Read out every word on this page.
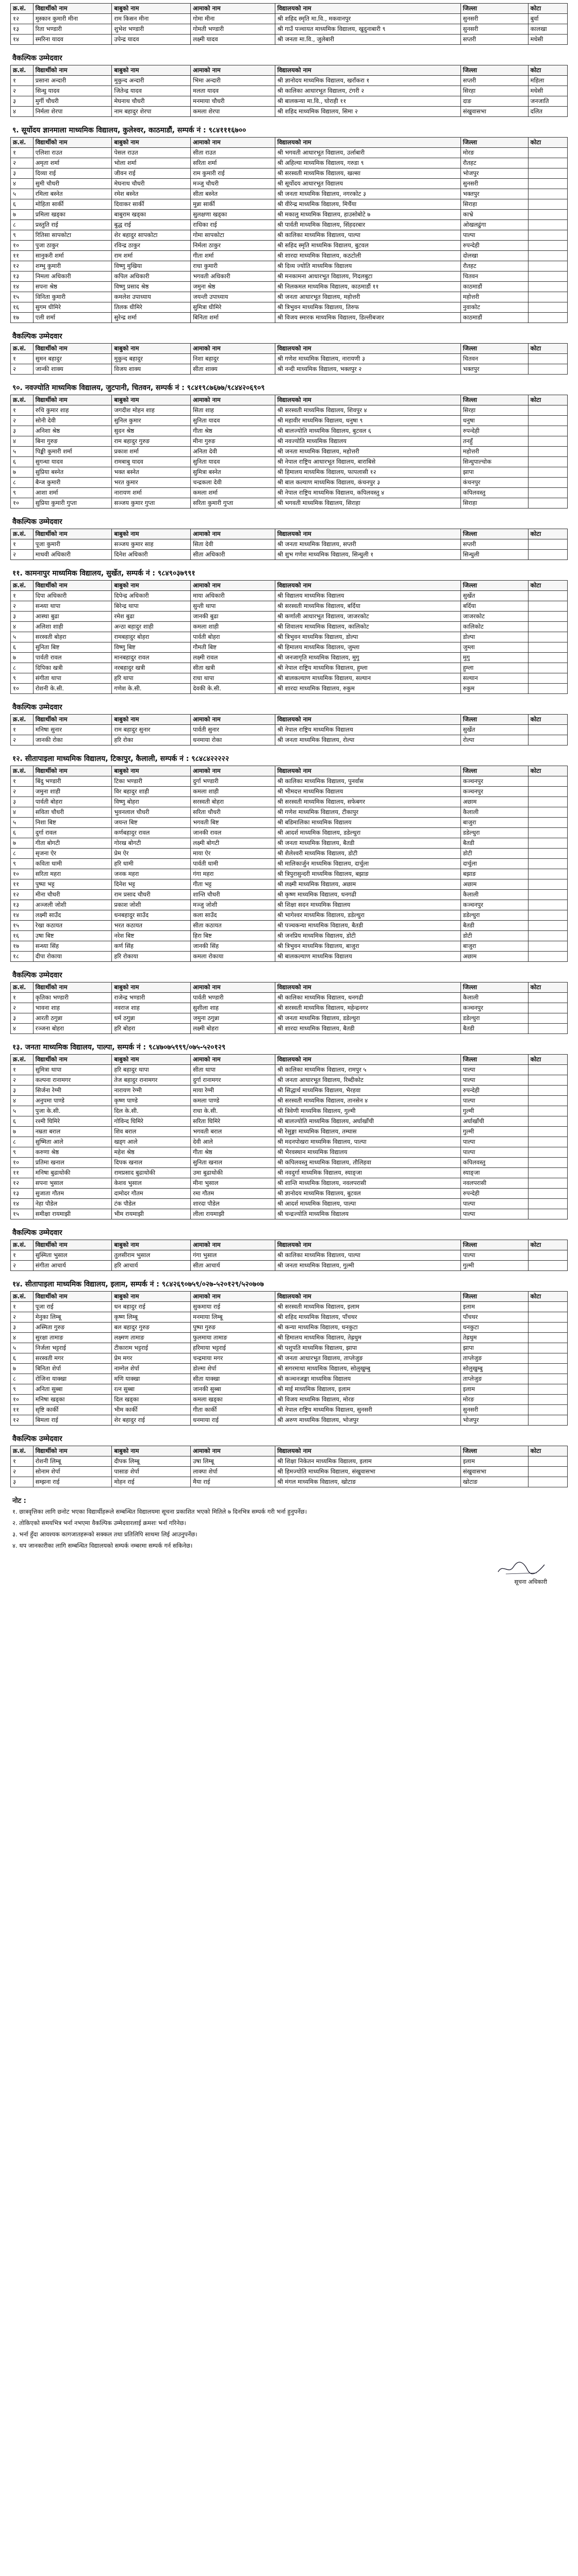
क्र.सं.	विद्यार्थीको नाम	बाबुको नाम	आमाको नाम	विद्यालयको नाम	जिल्ला	कोटा
१२	मुस्कान कुमारी मीना	राम किसन मीना	गोमा मीना	श्री शहिद स्मृति मा.वि., मकवानपुर	सुनसरी	बुर्वा
१३	रिता भण्डारी	शुभेश भण्डारी	गोमती भण्डारी	श्री गाउँ पञ्चायत माध्यमिक विद्यालय, खुदुनाबारी ९	सुनसरी	कालखा
१४	स्मरिना यादव	उपेन्द्र यादव	लक्ष्मी यादव	श्री जनता मा.वि., जुलेबारी	सप्तरी	मधेसी
वैकल्पिक उम्मेदवार
क्र.सं.	विद्यार्थीको नाम	बाबुको नाम	आमाको नाम	विद्यालयको नाम	जिल्ला	कोटा
१	प्रसाना अन्दारी	मुकुन्द अन्दारी	भिमा अन्दारी	श्री ज्ञानोदय माध्यमिक विद्यालय, खराँकरा १	सप्तरी	महिला
२	सिन्धु यादव	जितेन्द्र यादव	मलता यादव	श्री कालिका आधारभूत विद्यालय, टंगरी २	सिरहा	मधेसी
३	मुर्गी चौधरी	मेघनाथ चौधरी	मनमाया चौधरी	श्री बालकन्या मा.वि., घोराही ११	दाङ	जनजाति
४	निर्मला शेरपा	नाम बहादुर शेरपा	कमला शेरपा	श्री शहिद माध्यमिक विद्यालय, सिमा २	संखुवासभा	दलित
९. सूर्योदय ज्ञानमाला माध्यमिक विद्यालय, कुलेश्वर, काठमाडौं, सम्पर्क नं : ९८४१११६७००
क्र.सं.	विद्यार्थीको नाम	बाबुको नाम	आमाको नाम	विद्यालयको नाम	जिल्ला	कोटा
१	एलिशा राउत	पेसल राउत	सीता राउत	श्री भगवती आधारभूत विद्यालय, उर्लाबारी	मोरङ	
२	अमृता शर्मा	भोला शर्मा	सरिता शर्मा	श्री अहिल्या माध्यमिक विद्यालय, गरुडा ९	रौतहट	
३	दिव्या राई	जीवन राई	राम कुमारी राई	श्री सरस्वती माध्यमिक विद्यालय, खल्सा	भोजपुर	
४	सुमी चौधरी	मेघनाथ चौधरी	मञ्जु चौधरी	श्री सूर्योदय आधारभूत विद्यालय	सुनसरी	
५	रमिला बस्नेत	रमेश बस्नेत	सीता बस्नेत	श्री जनता माध्यमिक विद्यालय, नगरकोट ३	भक्तपुर	
६	मोहिता सार्की	दिवाकर सार्की	मुन्ना सार्की	श्री वीरेन्द्र माध्यमिक विद्यालय, मिर्चैया	सिराहा	
७	प्रमिला खड्का	बाबुराम खड्का	सुलक्षणा खड्का	श्री मकालु माध्यमिक विद्यालय, हाउसोबोटे ७	काभ्रे	
८	प्रस्तुति राई	बुद्ध राई	राधिका राई	श्री पार्वती माध्यमिक विद्यालय, सिंहदरबार	ओखलढुंगा	
९	रितिसा सापकोटा	शेर बहादुर सापकोटा	गोमा सापकोटा	श्री कालिका माध्यमिक विद्यालय, पाल्पा	पाल्पा	
१०	पुजा ठाकुर	रविन्द्र ठाकुर	निर्मला ठाकुर	श्री सहिद स्मृति माध्यमिक विद्यालय, बुटवल	रुपन्देही	
११	सानुकरी शर्मा	राम शर्मा	गीता शर्मा	श्री शारदा माध्यमिक विद्यालय, कठटोली	दोलखा	
१२	शम्भु कुमारी	विष्णु मुखिया	राधा कुमारी	श्री दिव्य ज्योति माध्यमिक विद्यालय	रौतहट	
१३	निमला अधिकारी	कपिल अधिकारी	भगवती अधिकारी	श्री मनकामना आधारभूत विद्यालय, गिदलबुटा	चितवन	
१४	सपना श्रेष्ठ	विष्णु प्रसाद श्रेष्ठ	जमुना श्रेष्ठ	श्री निलकमल माध्यमिक विद्यालय, काठमाडौं ११	काठमाडौं	
१५	विनिता कुमारी	कमलेश उपाध्याय	जयन्ती उपाध्याय	श्री जनता आधारभूत विद्यालय, महोत्तरी	महोत्तरी	
१६	सुगम धीमिरे	तिलक धीमिरे	सुमित्रा धीमिरे	श्री त्रिभुवन माध्यमिक विद्यालय, तिरुफ	नुवाकोट	
१७	एली शर्मा	सुरेन्द्र शर्मा	बिनिता शर्मा	श्री विजय स्मारक माध्यमिक विद्यालय, डिल्लीबजार	काठमाडौं	
वैकल्पिक उम्मेदवार
क्र.सं.	विद्यार्थीको नाम	बाबुको नाम	आमाको नाम	विद्यालयको नाम	जिल्ला	कोटा
१	सुमन बहादुर	मुकुन्द बहादुर	निशा बहादुर	श्री गणेश माध्यमिक विद्यालय, नारायणी ३	चितवन	
२	जान्की शाक्य	विजय शाक्य	सीता शाक्य	श्री नन्दी माध्यमिक विद्यालय, भक्तपुर २	भक्तपुर	
९०. नवज्योति माध्यमिक विद्यालय, जुटपानी, चितवन, सम्पर्क नं : ९८४१९८७६७७/९८४४२०६९०९
क्र.सं.	विद्यार्थीको नाम	बाबुको नाम	आमाको नाम	विद्यालयको नाम	जिल्ला	कोटा
१	रुचि कुमार शाह	जगदीश मोहन शाह	सिता शाह	श्री सरस्वती माध्यमिक विद्यालय, शिवपुर ४	सिरहा	
२	सोनी देवी	सुनिल कुमार	सुनिता यादव	श्री महावीर माध्यमिक विद्यालय, धनुषा ९	धनुषा	
३	अनिशा श्रेष्ठ	सुदन श्रेष्ठ	गीता श्रेष्ठ	श्री बालज्योति माध्यमिक विद्यालय, बुटवल ६	रुपन्देही	
४	बिना गुरुङ	राम बहादुर गुरुङ	मीना गुरुङ	श्री नवज्योति माध्यमिक विद्यालय	तनहुँ	
५	पिङ्की कुमारी शर्मा	प्रकाश शर्मा	अनिता देवी	श्री जनता माध्यमिक विद्यालय, महोत्तरी	महोत्तरी	
६	सुगन्धा यादव	रामबाबु यादव	सुनिता यादव	श्री नेपाल राष्ट्रिय आधारभूत विद्यालय, बाराबिसे	सिन्धुपाल्चोक	
७	सुप्रिया बस्नेत	भक्त बस्नेत	सुमित्रा बस्नेत	श्री हिमालय माध्यमिक विद्यालय, फापलासी १२	झापा	
८	बैन्ज कुमारी	भरत कुमार	चन्द्रकला देवी	श्री बाल कल्याण माध्यमिक विद्यालय, कंचनपुर ३	कंचनपुर	
९	आशा शर्मा	नारायण शर्मा	कमला शर्मा	श्री नेपाल राष्ट्रिय माध्यमिक विद्यालय, कपिलवस्तु ४	कपिलवस्तु	
१०	सुप्रिया कुमारी गुप्ता	सञ्जय कुमार गुप्ता	सरिता कुमारी गुप्ता	श्री भगवती माध्यमिक विद्यालय, सिराहा	सिराहा	
वैकल्पिक उम्मेदवार
क्र.सं.	विद्यार्थीको नाम	बाबुको नाम	आमाको नाम	विद्यालयको नाम	जिल्ला	कोटा
१	पूजा कुमारी	सञ्जय कुमार साह	सिता देवी	श्री जनता माध्यमिक विद्यालय, सप्तरी	सप्तरी	
२	माधवी अधिकारी	दिनेश अधिकारी	सीता अधिकारी	श्री शुभ गणेश माध्यमिक विद्यालय, सिन्धुली १	सिन्धुली	
११. कामनापुर माध्यमिक विद्यालय, सुर्खेत, सम्पर्क नं : ९८४९०३७९९१
क्र.सं.	विद्यार्थीको नाम	बाबुको नाम	आमाको नाम	विद्यालयको नाम	जिल्ला	कोटा
१	दिपा अधिकारी	दिपेन्द्र अधिकारी	माया अधिकारी	श्री विद्यालय माध्यमिक विद्यालय	सुर्खेत	
२	सन्ध्या थापा	बिरेन्द्र थापा	सुन्ती थापा	श्री सरस्वती माध्यमिक विद्यालय, बर्दिया	बर्दिया	
३	आस्था बुढा	रमेश बुढा	जानकी बुढा	श्री कर्णाली आधारभूत विद्यालय, जाजरकोट	जाजरकोट	
४	अलिशा शाही	अन्ठा बहादुर शाही	कमला शाही	श्री शिवालय माध्यमिक विद्यालय, कालिकोट	कालिकोट	
५	सरस्वती बोहरा	रामबहादुर बोहरा	पार्वती बोहरा	श्री त्रिभुवन माध्यमिक विद्यालय, डोल्पा	डोल्पा	
६	सुनिता बिष्ट	विष्णु बिष्ट	गौमती बिष्ट	श्री हिमालय माध्यमिक विद्यालय, जुम्ला	जुम्ला	
७	पार्वती रावल	मानबहादुर रावल	लक्ष्मी रावल	श्री जनजागृति माध्यमिक विद्यालय, मुगु	मुगु	
८	दिपिका खत्री	नरबहादुर खत्री	सीता खत्री	श्री नेपाल राष्ट्रिय माध्यमिक विद्यालय, हुम्ला	हुम्ला	
९	संगीता थापा	हरि थापा	राधा थापा	श्री बालकल्याण माध्यमिक विद्यालय, सल्यान	सल्यान	
१०	रोशनी के.सी.	गणेश के.सी.	देवकी के.सी.	श्री शारदा माध्यमिक विद्यालय, रुकुम	रुकुम	
वैकल्पिक उम्मेदवार
क्र.सं.	विद्यार्थीको नाम	बाबुको नाम	आमाको नाम	विद्यालयको नाम	जिल्ला	कोटा
१	मनिषा सुनार	राम बहादुर सुनार	पार्वती सुनार	श्री नेपाल राष्ट्रिय माध्यमिक विद्यालय	सुर्खेत	
२	जानकी रोका	हरि रोका	धनमाया रोका	श्री जनता माध्यमिक विद्यालय, रोल्पा	रोल्पा	
१२. सीतापाइला माध्यमिक विद्यालय, टिकापुर, कैलाली, सम्पर्क नं : ९८४८४२२२२२
क्र.सं.	विद्यार्थीको नाम	बाबुको नाम	आमाको नाम	विद्यालयको नाम	जिल्ला	कोटा
१	बिंदु भण्डारी	टिका भण्डारी	दुर्गा भण्डारी	श्री कालिका माध्यमिक विद्यालय, पुनर्वास	कञ्चनपुर	
२	जमुना शाही	विर बहादुर शाही	कमला शाही	श्री भीमदत्त माध्यमिक विद्यालय	कञ्चनपुर	
३	पार्वती बोहरा	विष्णु बोहरा	सरस्वती बोहरा	श्री सरस्वती माध्यमिक विद्यालय, सफेबगर	अछाम	
४	सविता चौधरी	भुवनलाल चौधरी	सरिता चौधरी	श्री गणेश माध्यमिक विद्यालय, टीकापुर	कैलाली	
५	निशा बिष्ट	जयन्त बिष्ट	भगवती बिष्ट	श्री बडिमालिका माध्यमिक विद्यालय	बाजुरा	
६	दुर्गा रावल	कर्णबहादुर रावल	जानकी रावल	श्री आदर्श माध्यमिक विद्यालय, डडेल्धुरा	डडेल्धुरा	
७	गीता बोगटी	गोरख बोगटी	लक्ष्मी बोगटी	श्री जनता माध्यमिक विद्यालय, बैतडी	बैतडी	
८	सृजना ऐर	प्रेम ऐर	माया ऐर	श्री शैलेश्वरी माध्यमिक विद्यालय, डोटी	डोटी	
९	कविता धामी	हरि धामी	पार्वती धामी	श्री मालिकार्जुन माध्यमिक विद्यालय, दार्चुला	दार्चुला	
१०	सरिता महरा	जनक महरा	गंगा महरा	श्री त्रिपुरासुन्दरी माध्यमिक विद्यालय, बझाङ	बझाङ	
११	पुष्पा भट्ट	दिनेश भट्ट	गीता भट्ट	श्री लक्ष्मी माध्यमिक विद्यालय, अछाम	अछाम	
१२	मीना चौधरी	राम प्रसाद चौधरी	शान्ति चौधरी	श्री कृष्ण माध्यमिक विद्यालय, धनगढी	कैलाली	
१३	अञ्जली जोशी	प्रकाश जोशी	मञ्जु जोशी	श्री शिक्षा सदन माध्यमिक विद्यालय	कञ्चनपुर	
१४	लक्ष्मी साउँद	धनबहादुर साउँद	कला साउँद	श्री भागेश्वर माध्यमिक विद्यालय, डडेल्धुरा	डडेल्धुरा	
१५	रेखा कठायत	भरत कठायत	सीता कठायत	श्री पञ्चकन्या माध्यमिक विद्यालय, बैतडी	बैतडी	
१६	उषा बिष्ट	नरेश बिष्ट	हिरा बिष्ट	श्री जनप्रिय माध्यमिक विद्यालय, डोटी	डोटी	
१७	सन्ध्या सिंह	कर्ण सिंह	जानकी सिंह	श्री त्रिभुवन माध्यमिक विद्यालय, बाजुरा	बाजुरा	
१८	दीपा रोकाया	हरि रोकाया	कमला रोकाया	श्री बालकल्याण माध्यमिक विद्यालय	अछाम	
वैकल्पिक उम्मेदवार
क्र.सं.	विद्यार्थीको नाम	बाबुको नाम	आमाको नाम	विद्यालयको नाम	जिल्ला	कोटा
१	कृतिका भण्डारी	राजेन्द्र भण्डारी	पार्वती भण्डारी	श्री कालिका माध्यमिक विद्यालय, धनगढी	कैलाली	
२	भावना शाह	नवराज शाह	सुशीला शाह	श्री सरस्वती माध्यमिक विद्यालय, महेन्द्रनगर	कञ्चनपुर	
३	आरती ठगुन्ना	धर्म ठगुन्ना	जमुना ठगुन्ना	श्री जनता माध्यमिक विद्यालय, डडेल्धुरा	डडेल्धुरा	
४	रञ्जना बोहरा	हरि बोहरा	लक्ष्मी बोहरा	श्री शारदा माध्यमिक विद्यालय, बैतडी	बैतडी	
१३. जनता माध्यमिक विद्यालय, पाल्पा, सम्पर्क नं : ९८४७०७५९९९/०७५-५२०१२९
क्र.सं.	विद्यार्थीको नाम	बाबुको नाम	आमाको नाम	विद्यालयको नाम	जिल्ला	कोटा
१	सुमित्रा थापा	हरि बहादुर थापा	सीता थापा	श्री कालिका माध्यमिक विद्यालय, रामपुर ५	पाल्पा	
२	कल्पना रानामगर	तेज बहादुर रानामगर	दुर्गा रानामगर	श्री जनता आधारभूत विद्यालय, रिब्दीकोट	पाल्पा	
३	सिर्जना रेग्मी	नारायण रेग्मी	माया रेग्मी	श्री सिद्धार्थ माध्यमिक विद्यालय, भैरहवा	रुपन्देही	
४	अनुपमा पाण्डे	कृष्ण पाण्डे	कमला पाण्डे	श्री सरस्वती माध्यमिक विद्यालय, तानसेन ४	पाल्पा	
५	पुजा के.सी.	दिल के.सी.	राधा के.सी.	श्री त्रिवेणी माध्यमिक विद्यालय, गुल्मी	गुल्मी	
६	रश्मी घिमिरे	गोविन्द घिमिरे	सरिता घिमिरे	श्री बालज्योति माध्यमिक विद्यालय, अर्घाखाँची	अर्घाखाँची	
७	नम्रता बराल	शिव बराल	भगवती बराल	श्री रेसुङ्गा माध्यमिक विद्यालय, तम्घास	गुल्मी	
८	सुष्मिता आले	खड्ग आले	देवी आले	श्री मदनपोखरा माध्यमिक विद्यालय, पाल्पा	पाल्पा	
९	करुणा श्रेष्ठ	महेश श्रेष्ठ	गीता श्रेष्ठ	श्री भैरवस्थान माध्यमिक विद्यालय	पाल्पा	
१०	प्रतिमा खनाल	दिपक खनाल	सुनिता खनाल	श्री कपिलवस्तु माध्यमिक विद्यालय, तौलिहवा	कपिलवस्तु	
११	मनिषा बुढाथोकी	रामप्रसाद बुढाथोकी	उमा बुढाथोकी	श्री नवदुर्गा माध्यमिक विद्यालय, स्याङ्जा	स्याङ्जा	
१२	सपना भुसाल	केशव भुसाल	मीना भुसाल	श्री शान्ति माध्यमिक विद्यालय, नवलपरासी	नवलपरासी	
१३	सुजाता गौतम	दामोदर गौतम	रमा गौतम	श्री ज्ञानोदय माध्यमिक विद्यालय, बुटवल	रुपन्देही	
१४	नेहा पौडेल	टंक पौडेल	शारदा पौडेल	श्री आदर्श माध्यमिक विद्यालय, पाल्पा	पाल्पा	
१५	समीक्षा रायमाझी	भीम रायमाझी	लीला रायमाझी	श्री चन्द्रज्योति माध्यमिक विद्यालय	पाल्पा	
वैकल्पिक उम्मेदवार
क्र.सं.	विद्यार्थीको नाम	बाबुको नाम	आमाको नाम	विद्यालयको नाम	जिल्ला	कोटा
१	सुस्मिता भुसाल	तुलसीराम भुसाल	गंगा भुसाल	श्री कालिका माध्यमिक विद्यालय, पाल्पा	पाल्पा	
२	संगीता आचार्य	हरि आचार्य	सीता आचार्य	श्री जनता माध्यमिक विद्यालय, गुल्मी	गुल्मी	
१४. सीतापाइला माध्यमिक विद्यालय, इलाम, सम्पर्क नं : ९८४२६९०७५९/०२७-५२०१२९/५२०७०७
क्र.सं.	विद्यार्थीको नाम	बाबुको नाम	आमाको नाम	विद्यालयको नाम	जिल्ला	कोटा
१	पूजा राई	धन बहादुर राई	सुकमाया राई	श्री सरस्वती माध्यमिक विद्यालय, इलाम	इलाम	
२	मेनुका लिम्बू	कृष्ण लिम्बू	मनमाया लिम्बू	श्री शहिद माध्यमिक विद्यालय, पाँचथर	पाँचथर	
३	अस्मिता गुरुङ	बल बहादुर गुरुङ	पुष्पा गुरुङ	श्री कन्या माध्यमिक विद्यालय, धनकुटा	धनकुटा	
४	सुरक्षा तामाङ	लक्ष्मण तामाङ	फुलमाया तामाङ	श्री हिमालय माध्यमिक विद्यालय, तेह्रथुम	तेह्रथुम	
५	निर्जला भट्टराई	टीकाराम भट्टराई	हरिमाया भट्टराई	श्री पशुपति माध्यमिक विद्यालय, झापा	झापा	
६	सरस्वती मगर	प्रेम मगर	चन्द्रमाया मगर	श्री जनता आधारभूत विद्यालय, ताप्लेजुङ	ताप्लेजुङ	
७	बिनिता शेर्पा	नाम्गेल शेर्पा	डोल्मा शेर्पा	श्री सगरमाथा माध्यमिक विद्यालय, सोलुखुम्बु	सोलुखुम्बु	
८	रोजिना याक्खा	मणि याक्खा	सीता याक्खा	श्री कञ्चनजङ्घा माध्यमिक विद्यालय	ताप्लेजुङ	
९	अनिता सुब्बा	रत्न सुब्बा	जानकी सुब्बा	श्री माई माध्यमिक विद्यालय, इलाम	इलाम	
१०	मनिषा खड्का	दिल खड्का	कमला खड्का	श्री विजय माध्यमिक विद्यालय, मोरङ	मोरङ	
११	सृष्टि कार्की	भीम कार्की	गीता कार्की	श्री नेपाल राष्ट्रिय माध्यमिक विद्यालय, सुनसरी	सुनसरी	
१२	बिमला राई	शेर बहादुर राई	धनमाया राई	श्री अरुण माध्यमिक विद्यालय, भोजपुर	भोजपुर	
वैकल्पिक उम्मेदवार
क्र.सं.	विद्यार्थीको नाम	बाबुको नाम	आमाको नाम	विद्यालयको नाम	जिल्ला	कोटा
१	रोशनी लिम्बू	दीपक लिम्बू	उषा लिम्बू	श्री शिक्षा निकेतन माध्यमिक विद्यालय, इलाम	इलाम	
२	सोनाम शेर्पा	पासाङ शेर्पा	लाक्पा शेर्पा	श्री हिमज्योति माध्यमिक विद्यालय, संखुवासभा	संखुवासभा	
३	सम्झना राई	मोहन राई	मैया राई	श्री मंगल माध्यमिक विद्यालय, खोटाङ	खोटाङ	
नोट :

१. छात्रवृत्तिका लागि छनोट भएका विद्यार्थीहरूले सम्बन्धित विद्यालयमा सूचना प्रकाशित भएको मितिले ७ दिनभित्र सम्पर्क गरी भर्ना हुनुपर्नेछ।

२. तोकिएको समयभित्र भर्ना नभएमा वैकल्पिक उम्मेदवारलाई क्रमशः भर्ना गरिनेछ।

३. भर्ना हुँदा आवश्यक कागजातहरूको सक्कल तथा प्रतिलिपि साथमा लिई आउनुपर्नेछ।

४. थप जानकारीका लागि सम्बन्धित विद्यालयको सम्पर्क नम्बरमा सम्पर्क गर्न सकिनेछ।

सूचना अधिकारी
